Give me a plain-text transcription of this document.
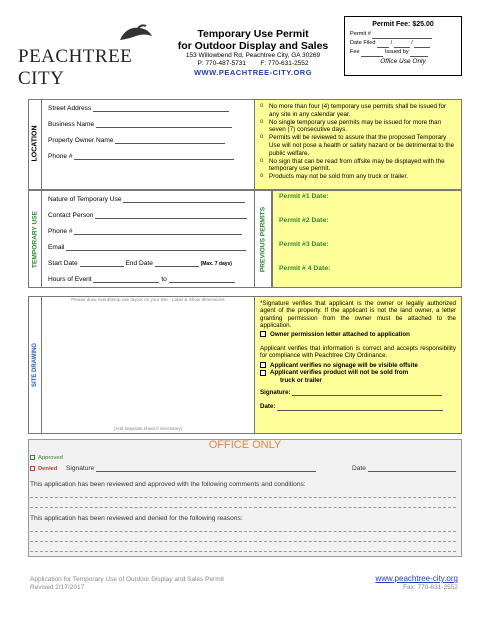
PEACHTREE CITY
Temporary Use Permit
for Outdoor Display and Sales
153 Willowbend Rd, Peachtree City, GA 30269
P: 770-487-5731 F: 770-631-2552
WWW.PEACHTREE-CITY.ORG
Permit Fee: $25.00
Permit #
Date Filed  /	/
Fee	Issued by
Office Use Only
LOCATION
Street Address
Business Name
Property Owner Name
Phone #
o No more than four (4) temporary use permits shall be issued for any site in any calendar year.
o No single temporary use permits may be issued for more than seven (7) consecutive days.
o Permits will be reviewed to assure that the proposed Temporary Use will not pose a health or safety hazard or be detrimental to the public welfare.
o No sign that can be read from offsite may be displayed with the temporary use permit.
o Products may not be sold from any truck or trailer.
TEMPORARY USE
Nature of Temporary Use
Contact Person
Phone #
Email
Start Date	End Date	(Max. 7 days)
Hours of Event	to
PREVIOUS PERMITS
Permit #1 Date:
Permit #2 Date:
Permit #3 Date:
Permit # 4 Date:
SITE DRAWING
Please draw event/temp use layout on your site - Label & Show dimensions
(Add separate sheet if necessary)
*Signature verifies that applicant is the owner or legally authorized agent of the property. If the applicant is not the land owner, a letter granting permission from the owner must be attached to the application.
Owner permission letter attached to application
Applicant verifies that information is correct and accepts responsibility for compliance with Peachtree City Ordinance.
Applicant verifies no signage will be visible offsite
Applicant verifies product will not be sold from
truck or trailer
Signature:
Date:
OFFICE ONLY
Approved
Denied Signature	Date
This application has been reviewed and approved with the following comments and conditions:
This application has been reviewed and denied for the following reasons:
Application for Temporary Use of Outdoor Display and Sales Permit
Revised 2/17/2017
www.peachtree-city.org
Fax: 770-631-2552
